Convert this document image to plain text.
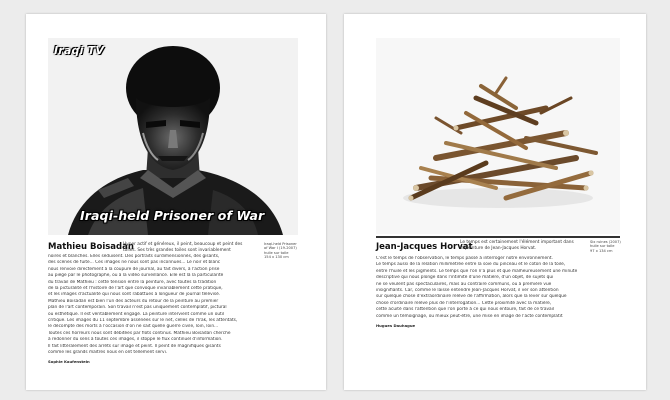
Iraqi TV
Iraqi-held Prisoner of War
Mathieu Boisadan
Hyper actif et généreux, il peint, beaucoup et peint des toiles. Ses très grandes toiles sont invariablement
Iraqi-held Prisoner
of War I (19-2007)
huile sur toile
154 x 130 cm
noires et blanches. Elles séduisent. Des portraits surdimensionnés, des gisants,
des scènes de fuite... Ces images ne nous sont pas inconnues... Le noir et blanc
nous renvoie directement à la coupure de journal, au fait divers, à l'action prise
au piège par le photographe, ou à la vidéo surveillance. Elle est là la particularité
du travail de Mathieu : cette tension entre la peinture, avec toutes la tradition
de la picturalité et l'histoire de l'art que convoque invariablement cette pratique,
et les images d'actualité qui nous sont rabattues à longueur de journal télévisé.
Mathieu Boisadan est bien l'un des acteurs du retour de la peinture au premier
plan de l'art contemporain. Son travail n'est pas uniquement contemplatif, pictural
ou esthétique. Il est véritablement engagé. La peinture intervient comme un outil
critique. Les images du 11 septembre assénées sur le net, celles de l'Irak, les attentats,
le décompte des morts à l'occasion d'on ne sait quelle guerre civile, loin, loin...
Toutes ces horreurs nous sont débitées par flots continus. Mathieu Boisadan cherche
à redonner du sens à toutes ces images, il stoppe le flux continuel d'information.
Il fait littéralement des arrêts sur image et peint. Il peint de magnifiques gisants
comme les grands maîtres nous en ont tellement servi.
Sophie Kaufenstein
Jean-Jacques Horvat
Le temps est certainement l'élément important dans la peinture de Jean-Jacques Horvat.
Six ruines (2007)
huile sur toile
97 x 134 cm
C'est le temps de l'observation, le temps passé à interroger notre environnement.
Le temps aussi de la relation millimétrée entre la soie du pinceau et le coton de la toile,
entre l'huile et les pigments. Le temps que l'on n'a plus et que malheureusement une minute
descriptive qui nous plonge dans l'intimité d'une matière, d'un objet, de sujets qui
ne se veulent pas spectaculaires, mais au contraire communs, ou à première vue
insignifiants. Car, comme le laisse entendre Jean-Jacques Horvat, il ver son attention
sur quelque chose d'extraordinaire relève de l'affirmation, alors que la lever sur quelque
chose d'ordinaire relève plus de l'interrogation... Cette proximité avec la matière,
cette acuité dans l'attention que l'on porte à ce qui nous entoure, fait de ce travail
comme un témoignage, ou mieux peut-être, une mise en image de l'acte contemplatif.
Hugues Dauhague
